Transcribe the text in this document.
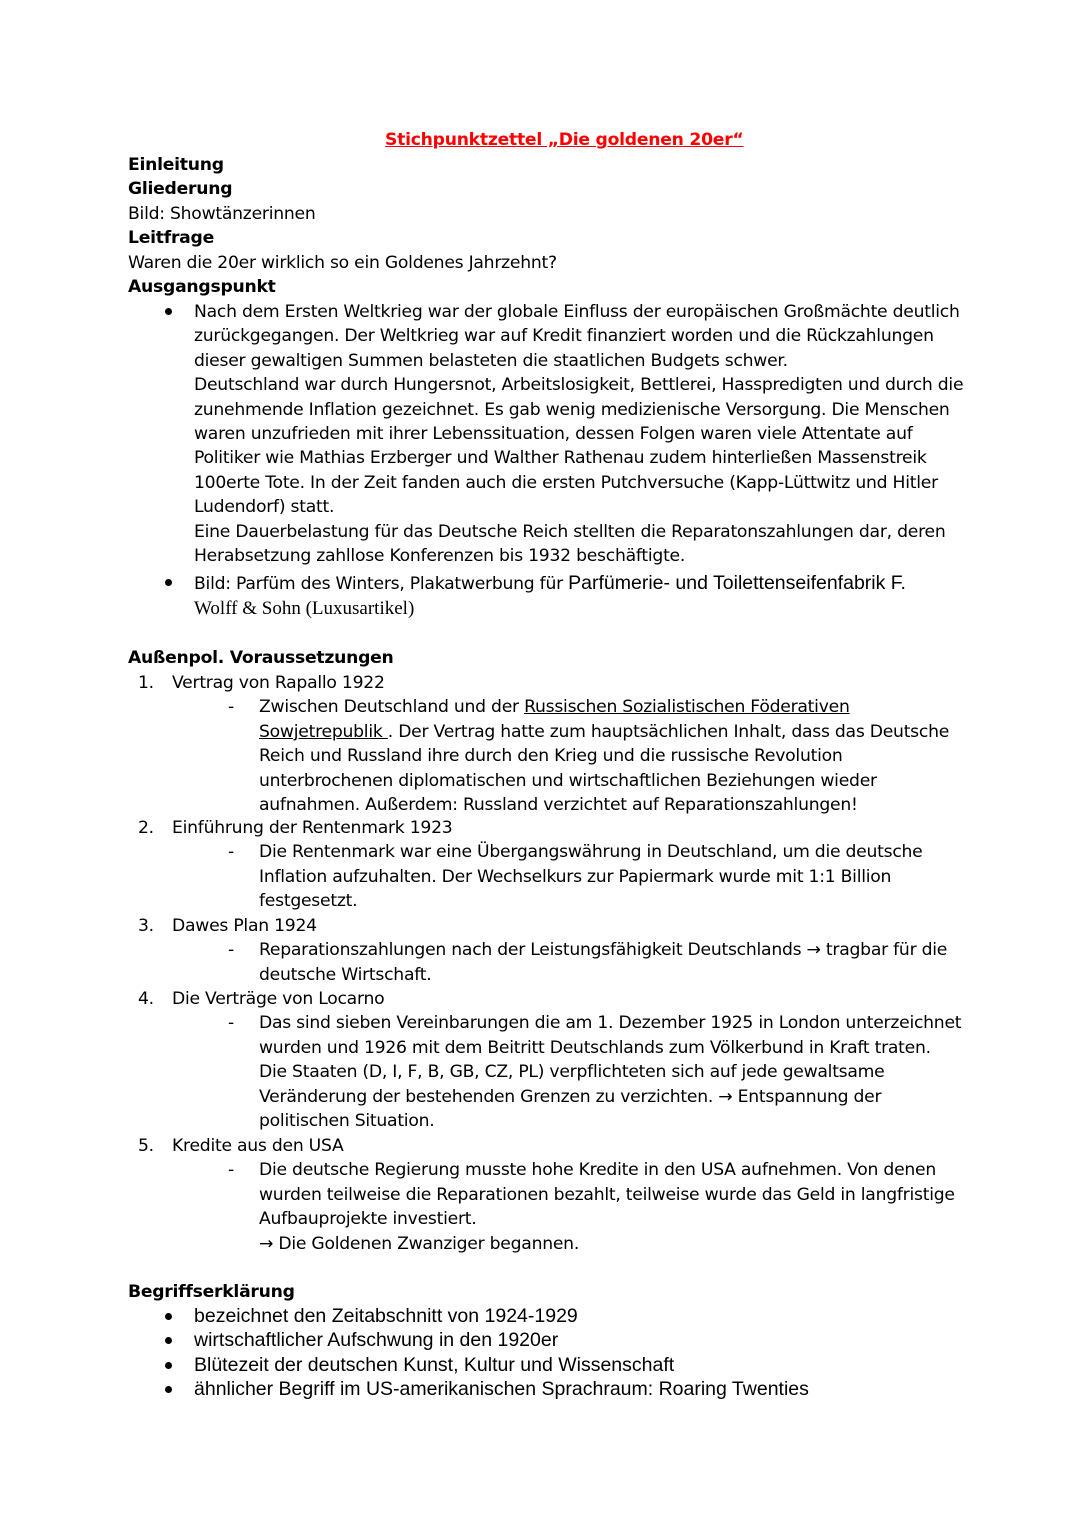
Stichpunktzettel „Die goldenen 20er“
Einleitung
Gliederung
Bild: Showtänzerinnen
Leitfrage
Waren die 20er wirklich so ein Goldenes Jahrzehnt?
Ausgangspunkt
Nach dem Ersten Weltkrieg war der globale Einfluss der europäischen Großmächte deutlich
zurückgegangen. Der Weltkrieg war auf Kredit finanziert worden und die Rückzahlungen
dieser gewaltigen Summen belasteten die staatlichen Budgets schwer.
Deutschland war durch Hungersnot, Arbeitslosigkeit, Bettlerei, Hasspredigten und durch die
zunehmende Inflation gezeichnet. Es gab wenig medizienische Versorgung. Die Menschen
waren unzufrieden mit ihrer Lebenssituation, dessen Folgen waren viele Attentate auf
Politiker wie Mathias Erzberger und Walther Rathenau zudem hinterließen Massenstreik
100erte Tote. In der Zeit fanden auch die ersten Putchversuche (Kapp-Lüttwitz und Hitler
Ludendorf) statt.
Eine Dauerbelastung für das Deutsche Reich stellten die Reparatonszahlungen dar, deren
Herabsetzung zahllose Konferenzen bis 1932 beschäftigte.
Bild: Parfüm des Winters, Plakatwerbung für Parfümerie- und Toilettenseifenfabrik F.
Wolff & Sohn (Luxusartikel)
Außenpol. Voraussetzungen
1. Vertrag von Rapallo 1922
- Zwischen Deutschland und der Russischen Sozialistischen Föderativen
Sowjetrepublik . Der Vertrag hatte zum hauptsächlichen Inhalt, dass das Deutsche
Reich und Russland ihre durch den Krieg und die russische Revolution
unterbrochenen diplomatischen und wirtschaftlichen Beziehungen wieder
aufnahmen. Außerdem: Russland verzichtet auf Reparationszahlungen!
2. Einführung der Rentenmark 1923
- Die Rentenmark war eine Übergangswährung in Deutschland, um die deutsche
Inflation aufzuhalten. Der Wechselkurs zur Papiermark wurde mit 1:1 Billion
festgesetzt.
3. Dawes Plan 1924
- Reparationszahlungen nach der Leistungsfähigkeit Deutschlands → tragbar für die
deutsche Wirtschaft.
4. Die Verträge von Locarno
- Das sind sieben Vereinbarungen die am 1. Dezember 1925 in London unterzeichnet
wurden und 1926 mit dem Beitritt Deutschlands zum Völkerbund in Kraft traten.
Die Staaten (D, I, F, B, GB, CZ, PL) verpflichteten sich auf jede gewaltsame
Veränderung der bestehenden Grenzen zu verzichten. → Entspannung der
politischen Situation.
5. Kredite aus den USA
- Die deutsche Regierung musste hohe Kredite in den USA aufnehmen. Von denen
wurden teilweise die Reparationen bezahlt, teilweise wurde das Geld in langfristige
Aufbauprojekte investiert.
→ Die Goldenen Zwanziger begannen.
Begriffserklärung
bezeichnet den Zeitabschnitt von 1924-1929
wirtschaftlicher Aufschwung in den 1920er
Blütezeit der deutschen Kunst, Kultur und Wissenschaft
ähnlicher Begriff im US-amerikanischen Sprachraum: Roaring Twenties
